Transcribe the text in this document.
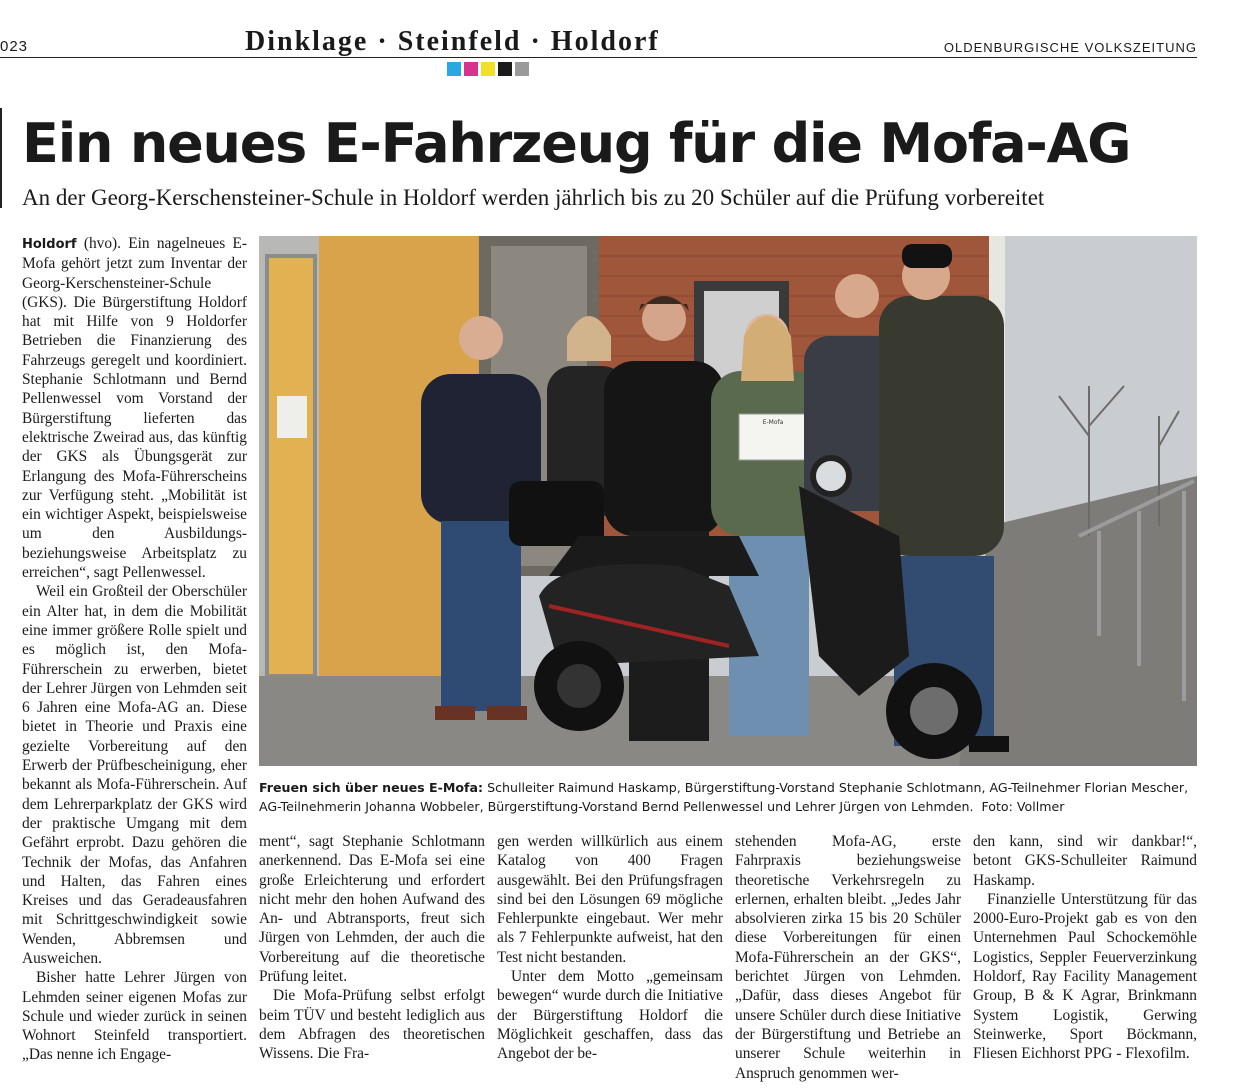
023	Dinklage · Steinfeld · Holdorf	OLDENBURGISCHE VOLKSZEITUNG
Ein neues E-Fahrzeug für die Mofa-AG
An der Georg-Kerschensteiner-Schule in Holdorf werden jährlich bis zu 20 Schüler auf die Prüfung vorbereitet

Holdorf (hvo). Ein nagelneues E-Mofa gehört jetzt zum Inventar der Georg-Kerschensteiner-Schule (GKS). Die Bürgerstiftung Holdorf hat mit Hilfe von 9 Holdorfer Betrieben die Finanzierung des Fahrzeugs geregelt und koordiniert. Stephanie Schlotmann und Bernd Pellenwessel vom Vorstand der Bürgerstiftung lieferten das elektrische Zweirad aus, das künftig der GKS als Übungsgerät zur Erlangung des Mofa-Führerscheins zur Verfügung steht. „Mobilität ist ein wichtiger Aspekt, beispielsweise um den Ausbildungs- beziehungsweise Arbeitsplatz zu erreichen“, sagt Pellenwessel.

Weil ein Großteil der Oberschüler ein Alter hat, in dem die Mobilität eine immer größere Rolle spielt und es möglich ist, den Mofa-Führerschein zu erwerben, bietet der Lehrer Jürgen von Lehmden seit 6 Jahren eine Mofa-AG an. Diese bietet in Theorie und Praxis eine gezielte Vorbereitung auf den Erwerb der Prüfbescheinigung, eher bekannt als Mofa-Führerschein. Auf dem Lehrerparkplatz der GKS wird der praktische Umgang mit dem Gefährt erprobt. Dazu gehören die Technik der Mofas, das Anfahren und Halten, das Fahren eines Kreises und das Geradeausfahren mit Schrittgeschwindigkeit sowie Wenden, Abbremsen und Ausweichen.

Bisher hatte Lehrer Jürgen von Lehmden seiner eigenen Mofas zur Schule und wieder zurück in seinen Wohnort Steinfeld transportiert. „Das nenne ich Engage-

E-Mofa
Freuen sich über neues E-Mofa: Schulleiter Raimund Haskamp, Bürgerstiftung-Vorstand Stephanie Schlotmann, AG-Teilnehmer Florian Mescher, AG-Teilnehmerin Johanna Wobbeler, Bürgerstiftung-Vorstand Bernd Pellenwessel und Lehrer Jürgen von Lehmden. Foto: Vollmer

ment“, sagt Stephanie Schlotmann anerkennend. Das E-Mofa sei eine große Erleichterung und erfordert nicht mehr den hohen Aufwand des An- und Abtransports, freut sich Jürgen von Lehmden, der auch die Vorbereitung auf die theoretische Prüfung leitet.

Die Mofa-Prüfung selbst erfolgt beim TÜV und besteht lediglich aus dem Abfragen des theoretischen Wissens. Die Fra-

gen werden willkürlich aus einem Katalog von 400 Fragen ausgewählt. Bei den Prüfungsfragen sind bei den Lösungen 69 mögliche Fehlerpunkte eingebaut. Wer mehr als 7 Fehlerpunkte aufweist, hat den Test nicht bestanden.

Unter dem Motto „gemeinsam bewegen“ wurde durch die Initiative der Bürgerstiftung Holdorf die Möglichkeit geschaffen, dass das Angebot der be-

stehenden Mofa-AG, erste Fahrpraxis beziehungsweise theoretische Verkehrsregeln zu erlernen, erhalten bleibt. „Jedes Jahr absolvieren zirka 15 bis 20 Schüler diese Vorbereitungen für einen Mofa-Führerschein an der GKS“, berichtet Jürgen von Lehmden. „Dafür, dass dieses Angebot für unsere Schüler durch diese Initiative der Bürgerstiftung und Betriebe an unserer Schule weiterhin in Anspruch genommen wer-

den kann, sind wir dankbar!“, betont GKS-Schulleiter Raimund Haskamp.

Finanzielle Unterstützung für das 2000-Euro-Projekt gab es von den Unternehmen Paul Schockemöhle Logistics, Seppler Feuerverzinkung Holdorf, Ray Facility Management Group, B & K Agrar, Brinkmann System Logistik, Gerwing Steinwerke, Sport Böckmann, Fliesen Eichhorst PPG - Flexofilm.
